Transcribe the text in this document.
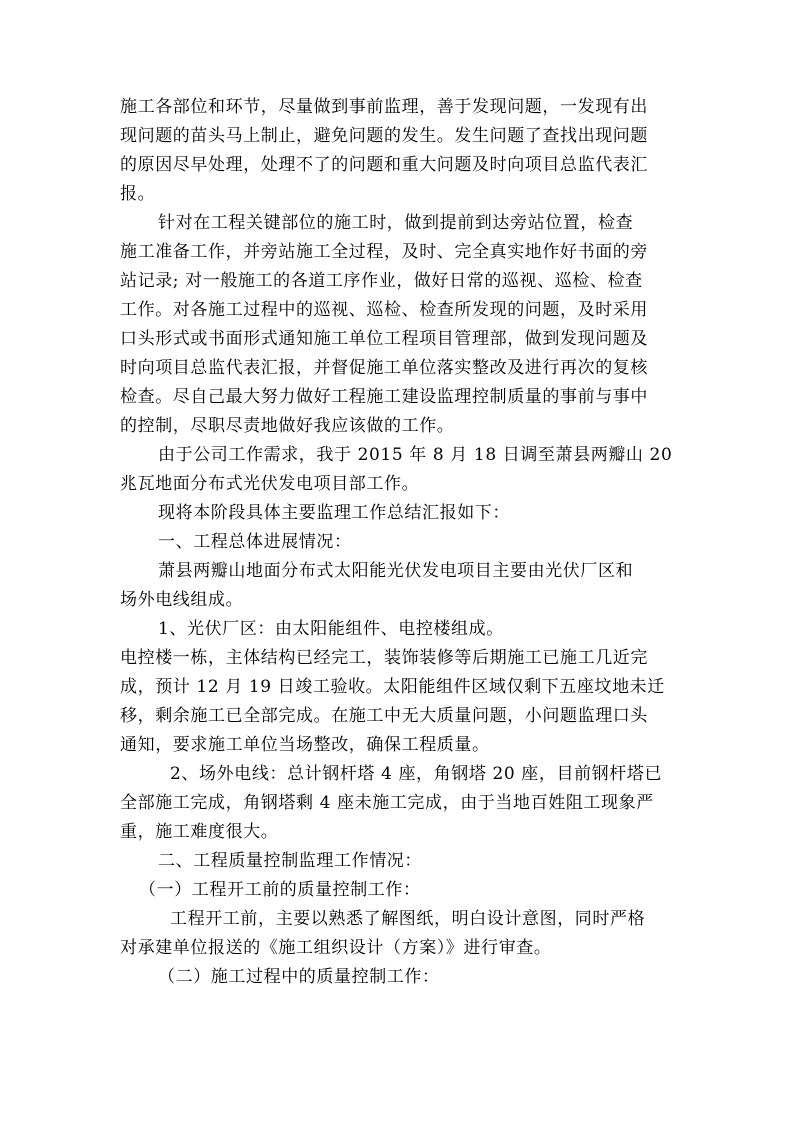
施工各部位和环节，尽量做到事前监理，善于发现问题，一发现有出
现问题的苗头马上制止，避免问题的发生。发生问题了查找出现问题
的原因尽早处理，处理不了的问题和重大问题及时向项目总监代表汇
报。
针对在工程关键部位的施工时，做到提前到达旁站位置，检查
施工准备工作，并旁站施工全过程，及时、完全真实地作好书面的旁
站记录; 对一般施工的各道工序作业，做好日常的巡视、巡检、检查
工作。对各施工过程中的巡视、巡检、检查所发现的问题，及时采用
口头形式或书面形式通知施工单位工程项目管理部，做到发现问题及
时向项目总监代表汇报，并督促施工单位落实整改及进行再次的复核
检查。尽自己最大努力做好工程施工建设监理控制质量的事前与事中
的控制，尽职尽责地做好我应该做的工作。
由于公司工作需求，我于 2015 年 8 月 18 日调至萧县两瓣山 20
兆瓦地面分布式光伏发电项目部工作。
现将本阶段具体主要监理工作总结汇报如下：
一、工程总体进展情况：
萧县两瓣山地面分布式太阳能光伏发电项目主要由光伏厂区和
场外电线组成。
1、光伏厂区：由太阳能组件、电控楼组成。
电控楼一栋，主体结构已经完工，装饰装修等后期施工已施工几近完
成，预计 12 月 19 日竣工验收。太阳能组件区域仅剩下五座坟地未迁
移，剩余施工已全部完成。在施工中无大质量问题，小问题监理口头
通知，要求施工单位当场整改，确保工程质量。
2、场外电线：总计钢杆塔 4 座，角钢塔 20 座，目前钢杆塔已
全部施工完成，角钢塔剩 4 座未施工完成，由于当地百姓阻工现象严
重，施工难度很大。
二、工程质量控制监理工作情况：
（一）工程开工前的质量控制工作：
工程开工前，主要以熟悉了解图纸，明白设计意图，同时严格
对承建单位报送的《施工组织设计（方案）》进行审查。
（二）施工过程中的质量控制工作：
